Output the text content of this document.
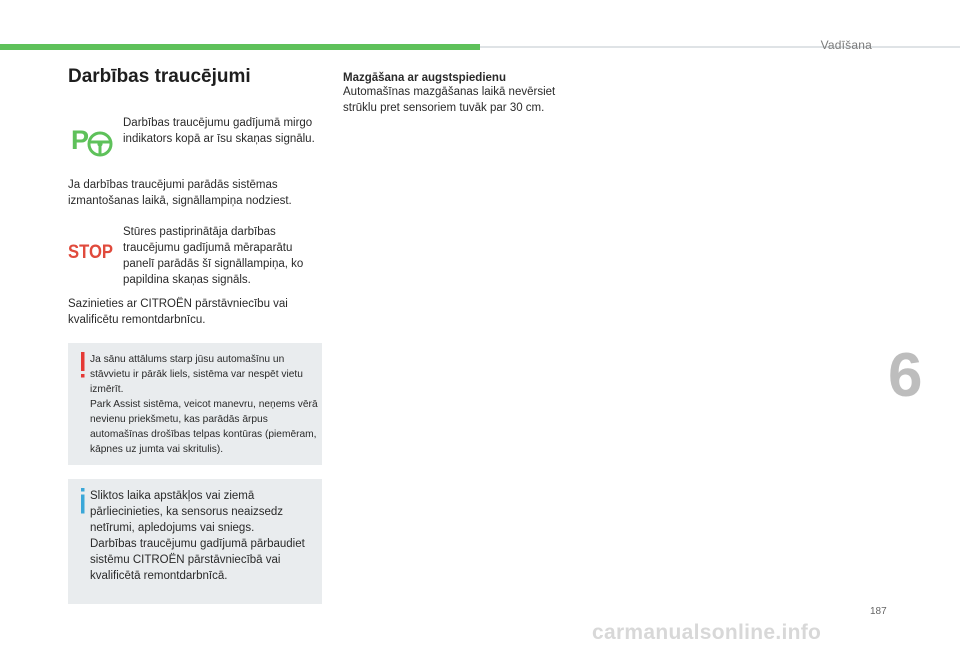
Vadīšana
Darbības traucējumi
P

Darbības traucējumu gadījumā mirgo indikators kopā ar īsu skaņas signālu.

Ja darbības traucējumi parādās sistēmas izmantošanas laikā, signāllampiņa nodziest.

STOP

Stūres pastiprinātāja darbības traucējumu gadījumā mēraparātu panelī parādās šī signāllampiņa, ko papildina skaņas signāls.

Sazinieties ar CITROËN pārstāvniecību vai kvalificētu remontdarbnīcu.

Ja sānu attālums starp jūsu automašīnu un stāvvietu ir pārāk liels, sistēma var nespēt vietu izmērīt.

Park Assist sistēma, veicot manevru, neņems vērā nevienu priekšmetu, kas parādās ārpus automašīnas drošības telpas kontūras (piemēram, kāpnes uz jumta vai skritulis).

Sliktos laika apstākļos vai ziemā pārliecinieties, ka sensorus neaizsedz netīrumi, apledojums vai sniegs.

Darbības traucējumu gadījumā pārbaudiet sistēmu CITROËN pārstāvniecībā vai kvalificētā remontdarbnīcā.

Mazgāšana ar augstspiedienu

Automašīnas mazgāšanas laikā nevērsiet strūklu pret sensoriem tuvāk par 30 cm.

6
187
carmanualsonline.info
